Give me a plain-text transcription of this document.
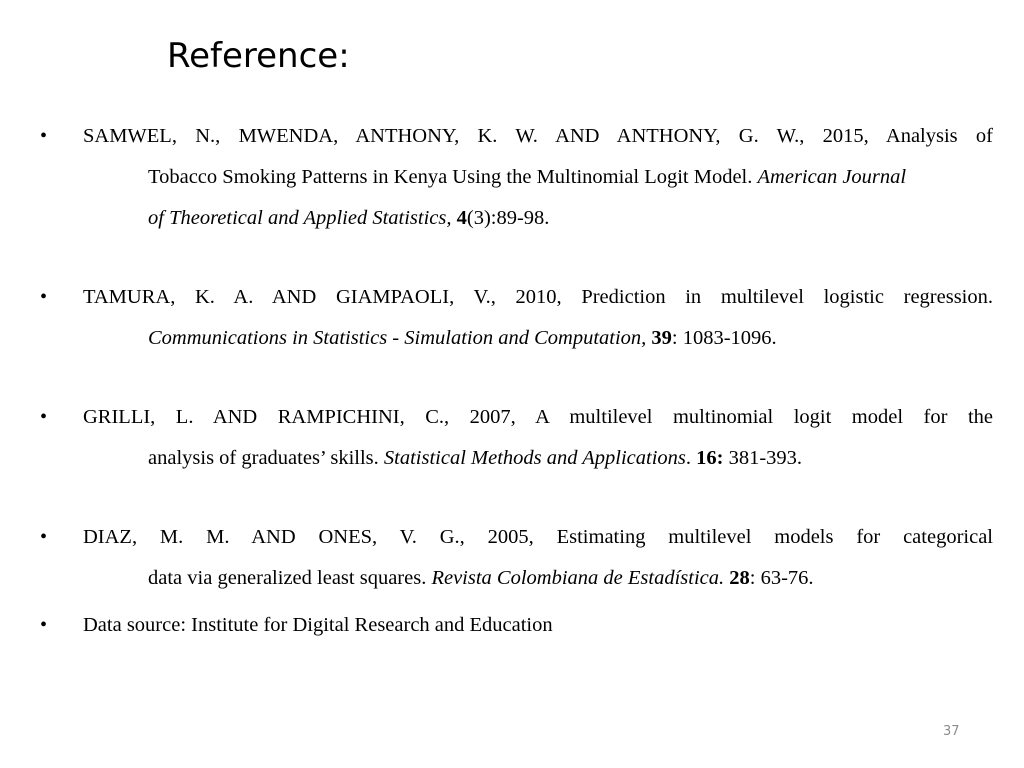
Reference:
• SAMWEL, N., MWENDA, ANTHONY, K. W. AND ANTHONY, G. W., 2015, Analysis of
Tobacco Smoking Patterns in Kenya Using the Multinomial Logit Model. American Journal
of Theoretical and Applied Statistics, 4(3):89-98.
• TAMURA, K. A. AND GIAMPAOLI, V., 2010, Prediction in multilevel logistic regression.
Communications in Statistics - Simulation and Computation, 39: 1083-1096.
• GRILLI, L. AND RAMPICHINI, C., 2007, A multilevel multinomial logit model for the
analysis of graduates’ skills. Statistical Methods and Applications. 16: 381-393.
• DIAZ, M. M. AND ONES, V. G., 2005, Estimating multilevel models for categorical
data via generalized least squares. Revista Colombiana de Estadística. 28: 63-76.
• Data source: Institute for Digital Research and Education
37
